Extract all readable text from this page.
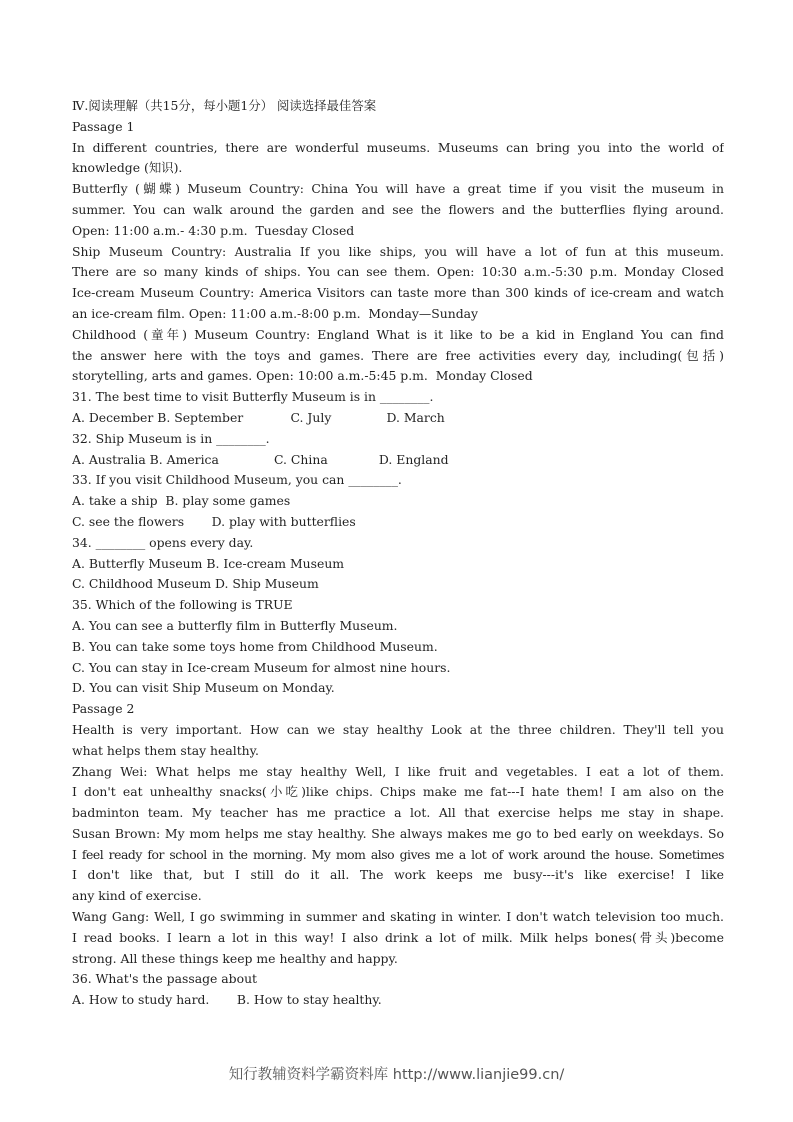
Ⅳ.阅读理解（共15分，每小题1分） 阅读选择最佳答案
Passage 1
In different countries, there are wonderful museums. Museums can bring you into the world of
knowledge (知识).
Butterfly (蝴蝶) Museum Country: China You will have a great time if you visit the museum in
summer. You can walk around the garden and see the flowers and the butterflies flying around.
Open: 11:00 a.m.- 4:30 p.m.  Tuesday Closed
Ship Museum Country: Australia If you like ships, you will have a lot of fun at this museum.
There are so many kinds of ships. You can see them. Open: 10:30 a.m.-5:30 p.m. Monday Closed
Ice-cream Museum Country: America Visitors can taste more than 300 kinds of ice-cream and watch
an ice-cream film. Open: 11:00 a.m.-8:00 p.m.  Monday—Sunday
Childhood (童年) Museum Country: England What is it like to be a kid in England You can find
the answer here with the toys and games. There are free activities every day, including(包括)
storytelling, arts and games. Open: 10:00 a.m.-5:45 p.m.  Monday Closed
31. The best time to visit Butterfly Museum is in ________.
A. December B. September            C. July              D. March
32. Ship Museum is in ________.
A. Australia B. America              C. China             D. England
33. If you visit Childhood Museum, you can ________.
A. take a ship  B. play some games
C. see the flowers       D. play with butterflies
34. ________ opens every day.
A. Butterfly Museum B. Ice-cream Museum
C. Childhood Museum D. Ship Museum
35. Which of the following is TRUE
A. You can see a butterfly film in Butterfly Museum.
B. You can take some toys home from Childhood Museum.
C. You can stay in Ice-cream Museum for almost nine hours.
D. You can visit Ship Museum on Monday.
Passage 2
Health is very important. How can we stay healthy Look at the three children. They'll tell you
what helps them stay healthy.
Zhang Wei: What helps me stay healthy Well, I like fruit and vegetables. I eat a lot of them.
I don't eat unhealthy snacks(小吃)like chips. Chips make me fat---I hate them! I am also on the
badminton team. My teacher has me practice a lot. All that exercise helps me stay in shape.
Susan Brown: My mom helps me stay healthy. She always makes me go to bed early on weekdays. So
I feel ready for school in the morning. My mom also gives me a lot of work around the house. Sometimes
I don't like that, but I still do it all. The work keeps me busy---it's like exercise! I like
any kind of exercise.
Wang Gang: Well, I go swimming in summer and skating in winter. I don't watch television too much.
I read books. I learn a lot in this way! I also drink a lot of milk. Milk helps bones(骨头)become
strong. All these things keep me healthy and happy.
36. What's the passage about
A. How to study hard.       B. How to stay healthy.
知行教辅资料学霸资料库 http://www.lianjie99.cn/
